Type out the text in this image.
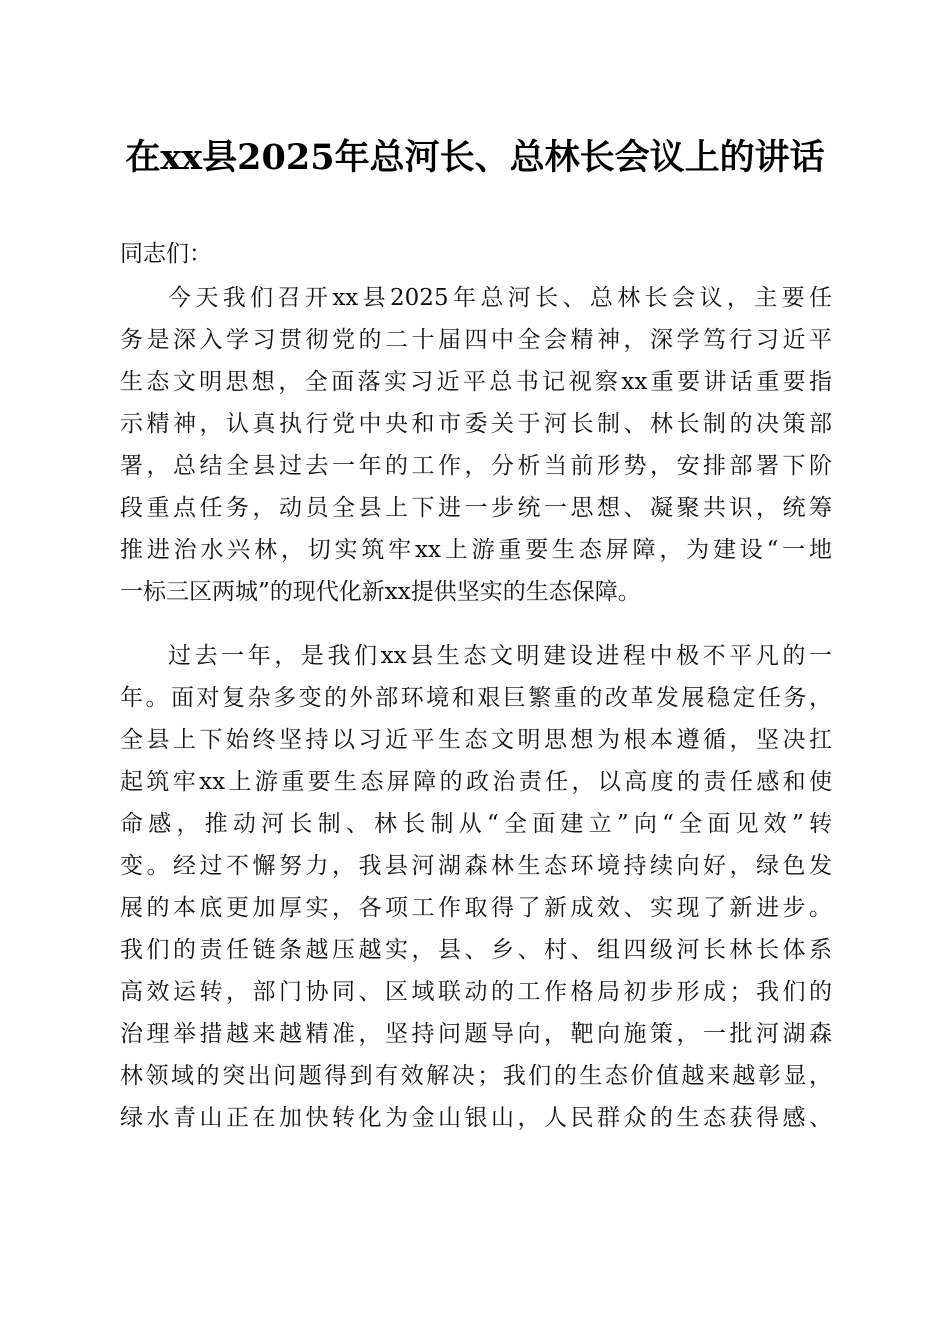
在xx县2025年总河长、总林长会议上的讲话
同志们：
今天我们召开xx县2025年总河长、总林长会议，主要任
务是深入学习贯彻党的二十届四中全会精神，深学笃行习近平
生态文明思想，全面落实习近平总书记视察xx重要讲话重要指
示精神，认真执行党中央和市委关于河长制、林长制的决策部
署，总结全县过去一年的工作，分析当前形势，安排部署下阶
段重点任务，动员全县上下进一步统一思想、凝聚共识，统筹
推进治水兴林，切实筑牢xx上游重要生态屏障，为建设“一地
一标三区两城”的现代化新xx提供坚实的生态保障。
过去一年，是我们xx县生态文明建设进程中极不平凡的一
年。面对复杂多变的外部环境和艰巨繁重的改革发展稳定任务，
全县上下始终坚持以习近平生态文明思想为根本遵循，坚决扛
起筑牢xx上游重要生态屏障的政治责任，以高度的责任感和使
命感，推动河长制、林长制从“全面建立”向“全面见效”转
变。经过不懈努力，我县河湖森林生态环境持续向好，绿色发
展的本底更加厚实，各项工作取得了新成效、实现了新进步。
我们的责任链条越压越实，县、乡、村、组四级河长林长体系
高效运转，部门协同、区域联动的工作格局初步形成；我们的
治理举措越来越精准，坚持问题导向，靶向施策，一批河湖森
林领域的突出问题得到有效解决；我们的生态价值越来越彰显，
绿水青山正在加快转化为金山银山，人民群众的生态获得感、
